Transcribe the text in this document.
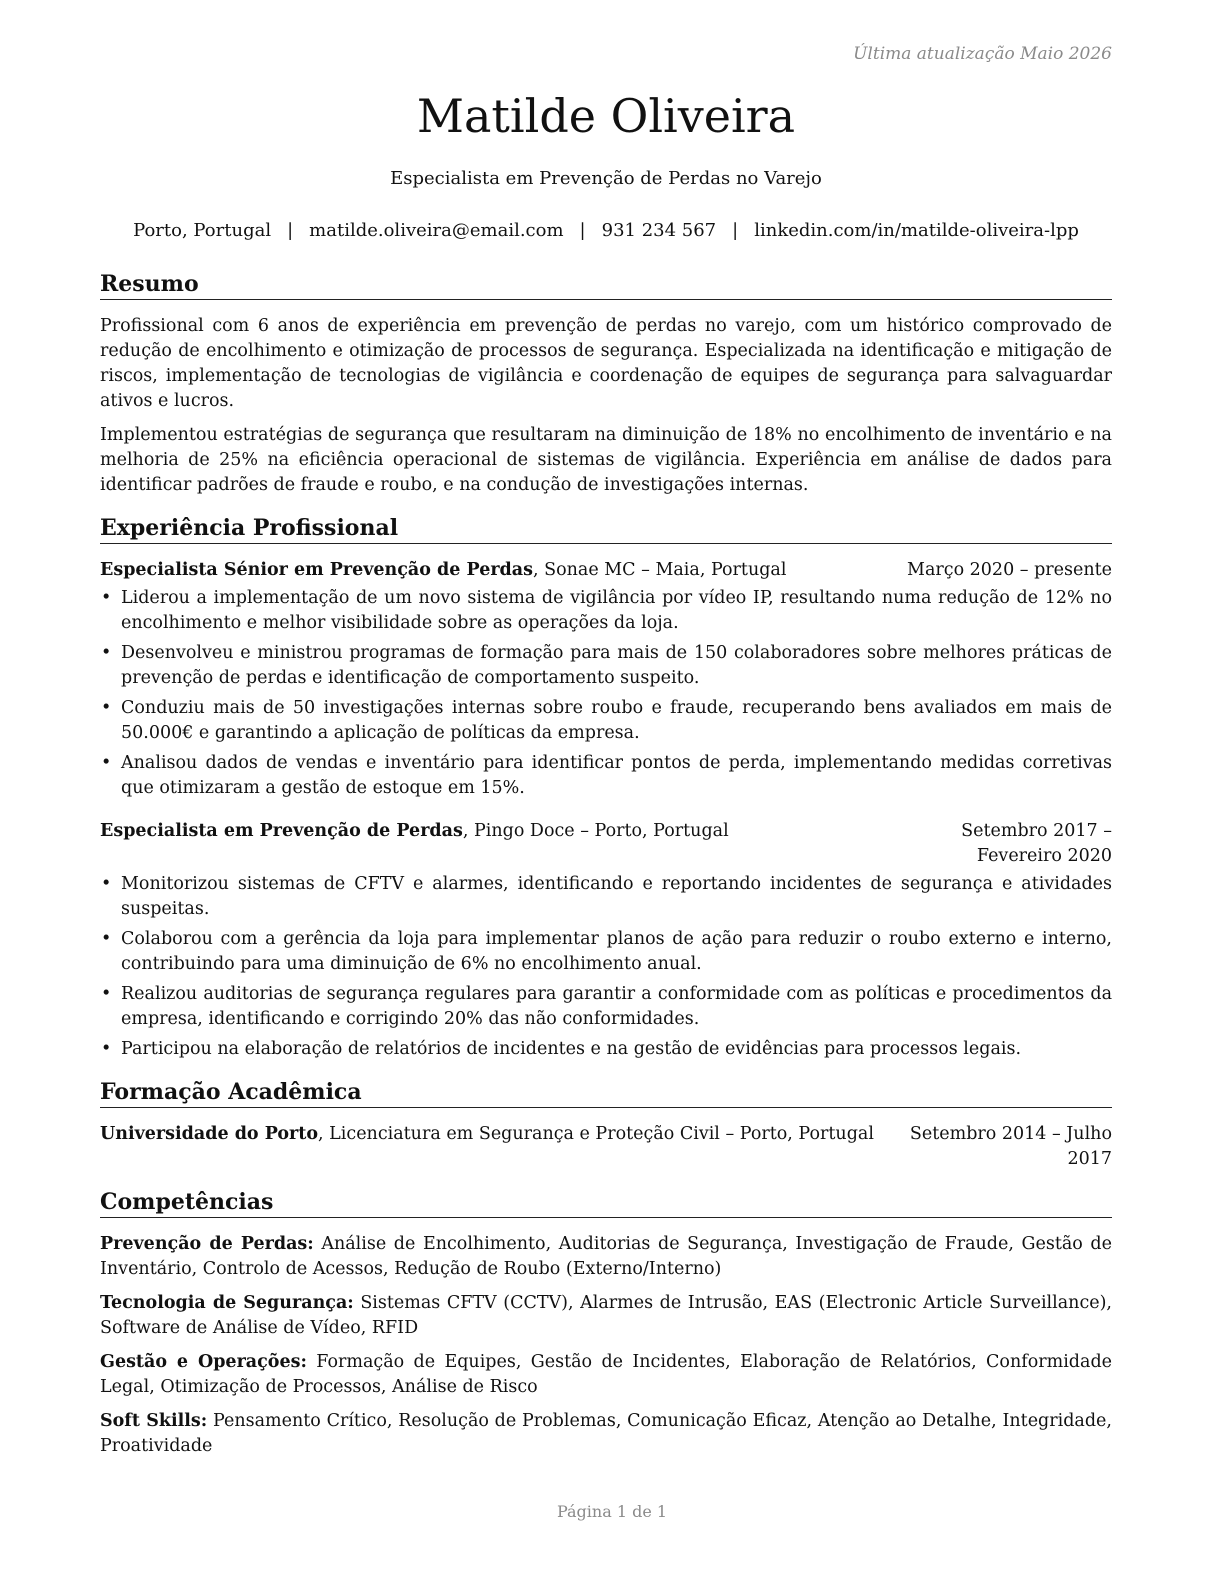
Última atualização Maio 2026
Matilde Oliveira
Especialista em Prevenção de Perdas no Varejo
Porto, Portugal | matilde.oliveira@email.com | 931 234 567 | linkedin.com/in/matilde-oliveira-lpp
Resumo

Profissional com 6 anos de experiência em prevenção de perdas no varejo, com um histórico comprovado de redução de encolhimento e otimização de processos de segurança. Especializada na identificação e mitigação de riscos, implementação de tecnologias de vigilância e coordenação de equipes de segurança para salvaguardar ativos e lucros.

Implementou estratégias de segurança que resultaram na diminuição de 18% no encolhimento de inventário e na melhoria de 25% na eficiência operacional de sistemas de vigilância. Experiência em análise de dados para identificar padrões de fraude e roubo, e na condução de investigações internas.

Experiência Profissional
Especialista Sénior em Prevenção de Perdas, Sonae MC – Maia, Portugal	Março 2020 – presente
• Liderou a implementação de um novo sistema de vigilância por vídeo IP, resultando numa redução de 12% no encolhimento e melhor visibilidade sobre as operações da loja.
• Desenvolveu e ministrou programas de formação para mais de 150 colaboradores sobre melhores práticas de prevenção de perdas e identificação de comportamento suspeito.
• Conduziu mais de 50 investigações internas sobre roubo e fraude, recuperando bens avaliados em mais de 50.000€ e garantindo a aplicação de políticas da empresa.
• Analisou dados de vendas e inventário para identificar pontos de perda, implementando medidas corretivas que otimizaram a gestão de estoque em 15%.
Especialista em Prevenção de Perdas, Pingo Doce – Porto, Portugal	Setembro 2017 – Fevereiro 2020
• Monitorizou sistemas de CFTV e alarmes, identificando e reportando incidentes de segurança e atividades suspeitas.
• Colaborou com a gerência da loja para implementar planos de ação para reduzir o roubo externo e interno, contribuindo para uma diminuição de 6% no encolhimento anual.
• Realizou auditorias de segurança regulares para garantir a conformidade com as políticas e procedimentos da empresa, identificando e corrigindo 20% das não conformidades.
• Participou na elaboração de relatórios de incidentes e na gestão de evidências para processos legais.
Formação Acadêmica
Universidade do Porto, Licenciatura em Segurança e Proteção Civil – Porto, Portugal	Setembro 2014 – Julho 2017
Competências
Prevenção de Perdas: Análise de Encolhimento, Auditorias de Segurança, Investigação de Fraude, Gestão de Inventário, Controlo de Acessos, Redução de Roubo (Externo/Interno)
Tecnologia de Segurança: Sistemas CFTV (CCTV), Alarmes de Intrusão, EAS (Electronic Article Surveillance), Software de Análise de Vídeo, RFID
Gestão e Operações: Formação de Equipes, Gestão de Incidentes, Elaboração de Relatórios, Conformidade Legal, Otimização de Processos, Análise de Risco
Soft Skills: Pensamento Crítico, Resolução de Problemas, Comunicação Eficaz, Atenção ao Detalhe, Integridade, Proatividade
Página 1 de 1
